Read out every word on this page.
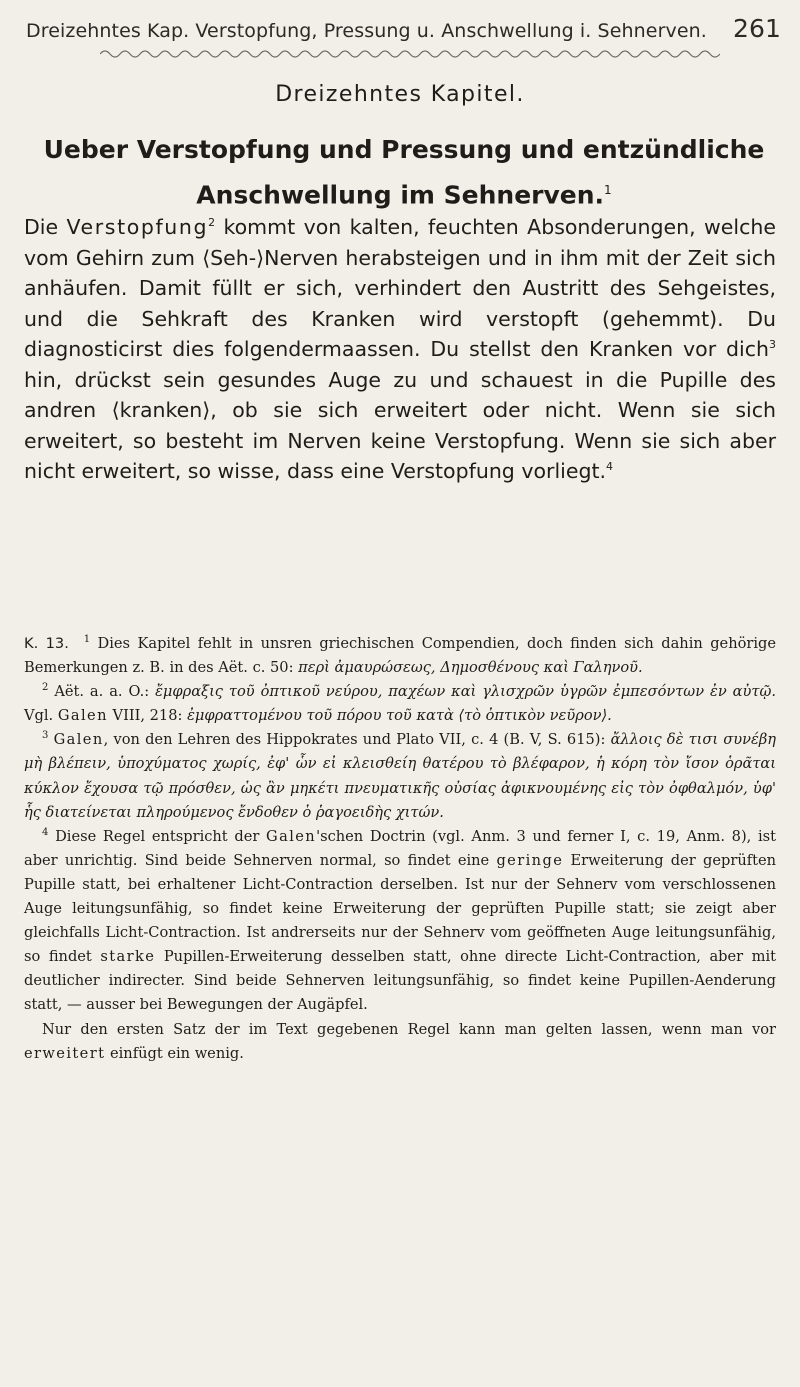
Dreizehntes Kap. Verstopfung, Pressung u. Anschwellung i. Sehnerven. 261
Dreizehntes Kapitel.
Ueber Verstopfung und Pressung und entzündliche
Anschwellung im Sehnerven.$^1$
Die Verstopfung$^2$ kommt von kalten, feuchten Absonderungen, welche vom Gehirn zum ⟨Seh-⟩Nerven herabsteigen und in ihm mit der Zeit sich anhäufen. Damit füllt er sich, verhindert den Austritt des Sehgeistes, und die Sehkraft des Kranken wird verstopft (gehemmt). Du diagnosticirst dies folgendermaassen. Du stellst den Kranken vor dich$^3$ hin, drückst sein gesundes Auge zu und schauest in die Pupille des andren ⟨kranken⟩, ob sie sich erweitert oder nicht. Wenn sie sich erweitert, so besteht im Nerven keine Verstopfung. Wenn sie sich aber nicht erweitert, so wisse, dass eine Verstopfung vorliegt.$^4$

K. 13. $^1$ Dies Kapitel fehlt in unsren griechischen Compendien, doch finden sich dahin gehörige Bemerkungen z. B. in des Aët. c. 50: περὶ ἀμαυρώσεως, Δημοσθένους καὶ Γαληνοῦ.

$^2$ Aët. a. a. O.: ἔμφραξις τοῦ ὀπτικοῦ νεύρου, παχέων καὶ γλισχρῶν ὑγρῶν ἐμπεσόντων ἐν αὐτῷ. Vgl. Galen VIII, 218: ἐμφραττομένου τοῦ πόρου τοῦ κατὰ ⟨τὸ ὀπτικὸν νεῦρον⟩.

$^3$ Galen, von den Lehren des Hippokrates und Plato VII, c. 4 (B. V, S. 615): ἄλλοις δὲ τισι συνέβη μὴ βλέπειν, ὑποχύματος χωρίς, ἐφ' ὧν εἰ κλεισθείη θατέρου τὸ βλέφαρον, ἡ κόρη τὸν ἴσον ὁρᾶται κύκλον ἔχουσα τῷ πρόσθεν, ὡς ἂν μηκέτι πνευματικῆς οὐσίας ἀφικνουμένης εἰς τὸν ὀφθαλμόν, ὑφ' ἧς διατείνεται πληρούμενος ἔνδοθεν ὁ ῥαγοειδὴς χιτών.

$^4$ Diese Regel entspricht der Galen'schen Doctrin (vgl. Anm. 3 und ferner I, c. 19, Anm. 8), ist aber unrichtig. Sind beide Sehnerven normal, so findet eine geringe Erweiterung der geprüften Pupille statt, bei erhaltener Licht-Contraction derselben. Ist nur der Sehnerv vom verschlossenen Auge leitungsunfähig, so findet keine Erweiterung der geprüften Pupille statt; sie zeigt aber gleichfalls Licht-Contraction. Ist andrerseits nur der Sehnerv vom geöffneten Auge leitungsunfähig, so findet starke Pupillen-Erweiterung desselben statt, ohne directe Licht-Contraction, aber mit deutlicher indirecter. Sind beide Sehnerven leitungsunfähig, so findet keine Pupillen-Aenderung statt, — ausser bei Bewegungen der Augäpfel.

Nur den ersten Satz der im Text gegebenen Regel kann man gelten lassen, wenn man vor erweitert einfügt ein wenig.
